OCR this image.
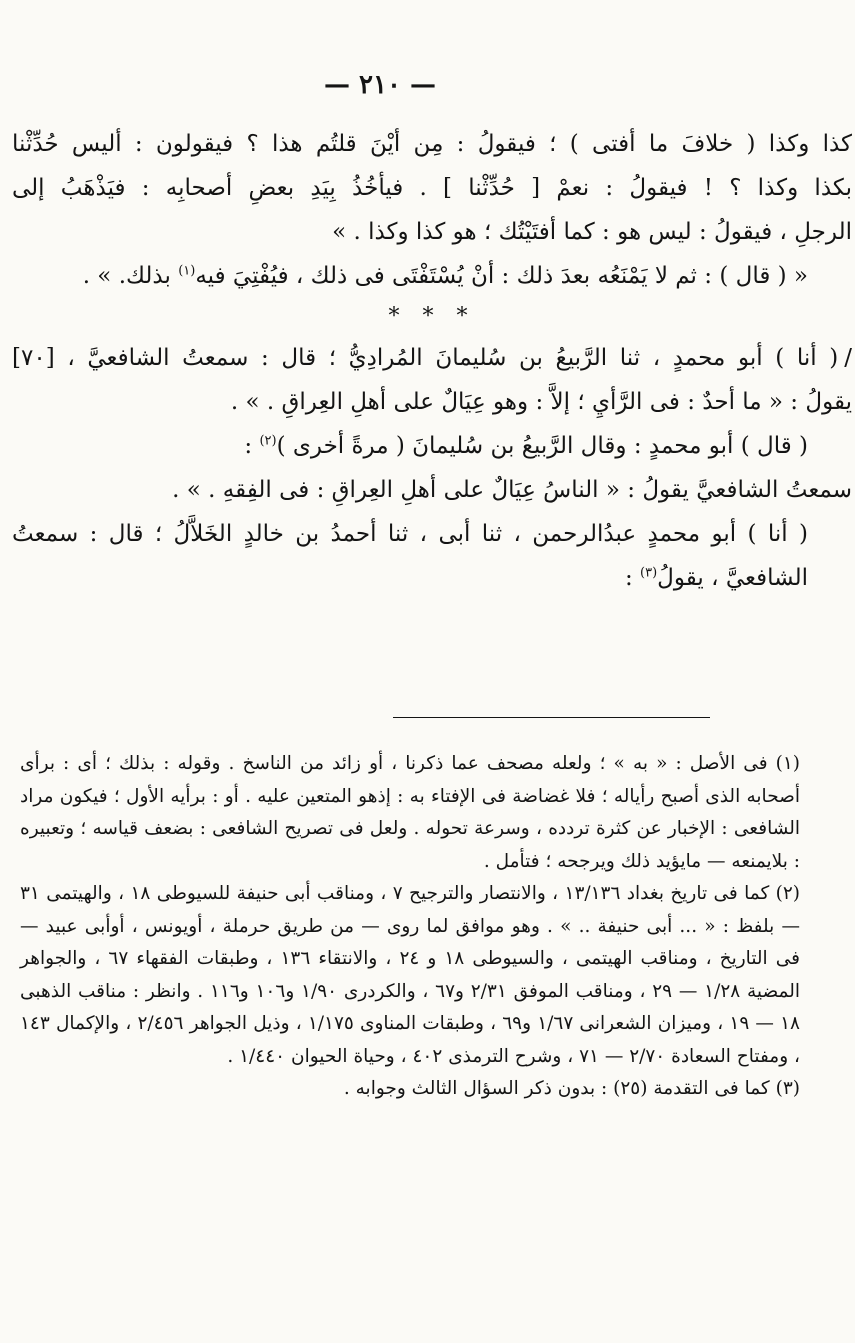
— ٢١٠ —

كذا وكذا ( خلافَ ما أفتى ) ؛ فيقولُ : مِن أيْنَ قلتُم هذا ؟ فيقولون : أليس حُدِّثْنا
بكذا وكذا ؟ ! فيقولُ : نعمْ [ حُدِّثْنا ] . فيأخُذُ بِيَدِ بعضِ أصحابِه : فيَذْهَبُ إلى
الرجلِ ، فيقولُ : ليس هو : كما أفتَيْتُك ؛ هو كذا وكذا . »

« ( قال ) : ثم لا يَمْنَعُه بعدَ ذلك : أنْ يُسْتَفْتَى فى ذلك ، فيُفْتِيَ فيه$^{(١)}$ بذلك. » .

* * *

/( أنا ) أبو محمدٍ ، ثنا الرَّبيعُ بن سُليمانَ المُرادِيُّ ؛ قال : سمعتُ الشافعيَّ ، [٧٠]
يقولُ : « ما أحدٌ : فى الرَّأيِ ؛ إلاَّ : وهو عِيَالٌ على أهلِ العِراقِ . » .

( قال ) أبو محمدٍ : وقال الرَّبيعُ بن سُليمانَ ( مرةً أخرى )$^{(٢)}$ :

سمعتُ الشافعيَّ يقولُ : « الناسُ عِيَالٌ على أهلِ العِراقِ : فى الفِقهِ . » .

( أنا ) أبو محمدٍ عبدُالرحمن ، ثنا أبى ، ثنا أحمدُ بن خالدٍ الخَلاَّلُ ؛ قال : سمعتُ
الشافعيَّ ، يقولُ$^{(٣)}$ :

(١) فى الأصل : « به » ؛ ولعله مصحف عما ذكرنا ، أو زائد من الناسخ . وقوله : بذلك ؛ أى : برأى أصحابه الذى أصبح رأياله ؛ فلا غضاضة فى الإفتاء به : إذهو المتعين عليه . أو : برأيه الأول ؛ فيكون مراد الشافعى : الإخبار عن كثرة تردده ، وسرعة تحوله . ولعل فى تصريح الشافعى : بضعف قياسه ؛ وتعبيره : بلايمنعه — مايؤيد ذلك ويرجحه ؛ فتأمل .

(٢) كما فى تاريخ بغداد ١٣/١٣٦ ، والانتصار والترجيح ٧ ، ومناقب أبى حنيفة للسيوطى ١٨ ، والهيتمى ٣١ — بلفظ : « ... أبى حنيفة .. » . وهو موافق لما روى — من طريق حرملة ، أويونس ، أوأبى عبيد — فى التاريخ ، ومناقب الهيتمى ، والسيوطى ١٨ و ٢٤ ، والانتقاء ١٣٦ ، وطبقات الفقهاء ٦٧ ، والجواهر المضية ١/٢٨ — ٢٩ ، ومناقب الموفق ٢/٣١ و٦٧ ، والكردرى ١/٩٠ و١٠٦ و١١٦ . وانظر : مناقب الذهبى ١٨ — ١٩ ، وميزان الشعرانى ١/٦٧ و٦٩ ، وطبقات المناوى ١/١٧٥ ، وذيل الجواهر ٢/٤٥٦ ، والإكمال ١٤٣ ، ومفتاح السعادة ٢/٧٠ — ٧١ ، وشرح الترمذى ٤٠٢ ، وحياة الحيوان ١/٤٤٠ .

(٣) كما فى التقدمة (٢٥) : بدون ذكر السؤال الثالث وجوابه .
